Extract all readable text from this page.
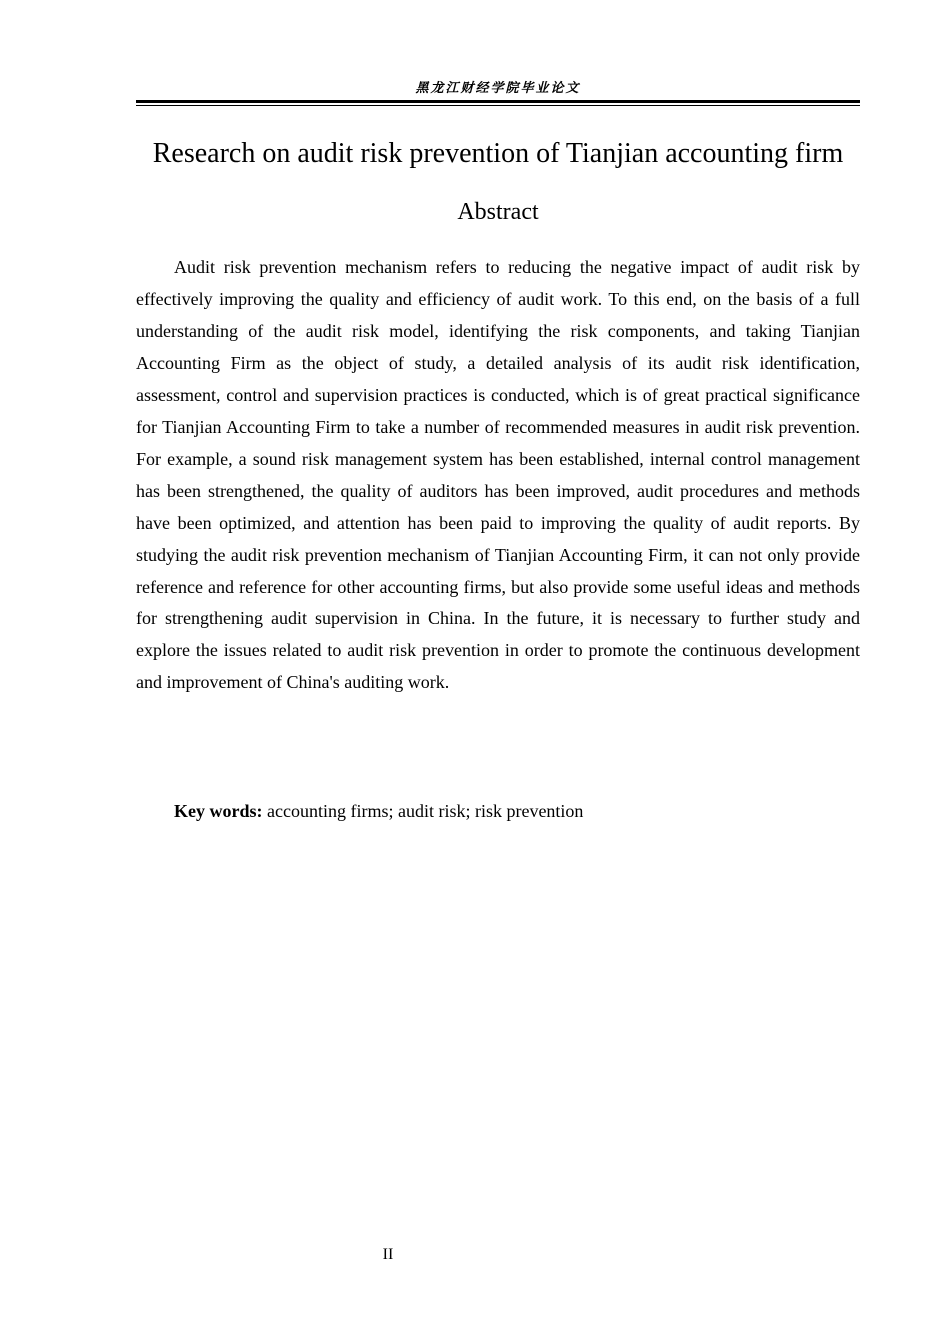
黑龙江财经学院毕业论文
Research on audit risk prevention of Tianjian accounting firm
Abstract

Audit risk prevention mechanism refers to reducing the negative impact of audit risk by effectively improving the quality and efficiency of audit work. To this end, on the basis of a full understanding of the audit risk model, identifying the risk components, and taking Tianjian Accounting Firm as the object of study, a detailed analysis of its audit risk identification, assessment, control and supervision practices is conducted, which is of great practical significance for Tianjian Accounting Firm to take a number of recommended measures in audit risk prevention. For example, a sound risk management system has been established, internal control management has been strengthened, the quality of auditors has been improved, audit procedures and methods have been optimized, and attention has been paid to improving the quality of audit reports. By studying the audit risk prevention mechanism of Tianjian Accounting Firm, it can not only provide reference and reference for other accounting firms, but also provide some useful ideas and methods for strengthening audit supervision in China. In the future, it is necessary to further study and explore the issues related to audit risk prevention in order to promote the continuous development and improvement of China's auditing work.

Key words: accounting firms; audit risk; risk prevention

II
